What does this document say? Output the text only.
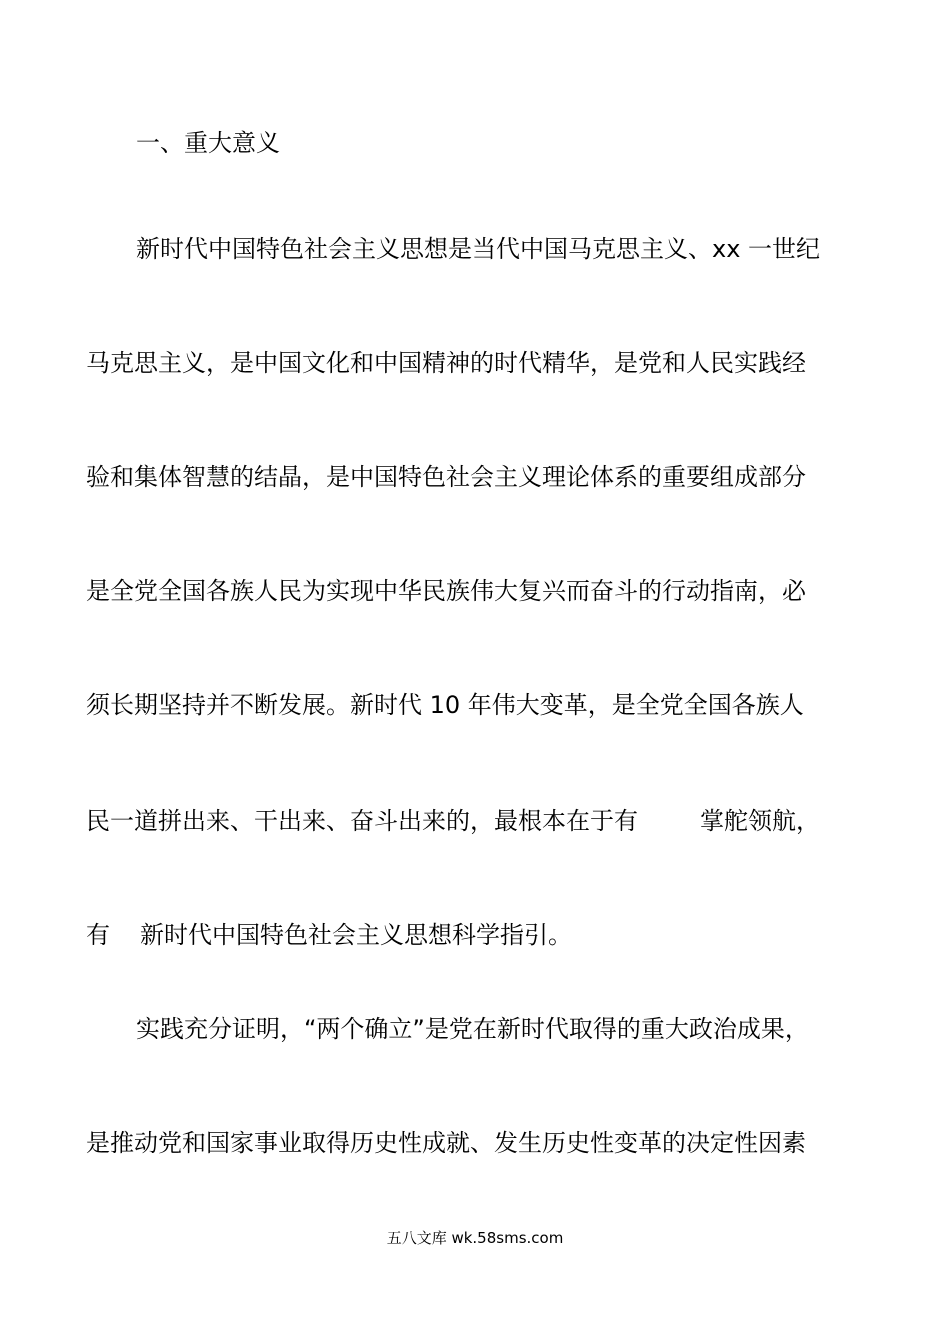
一、重大意义
新时代中国特色社会主义思想是当代中国马克思主义、xx 一世纪
马克思主义，是中国文化和中国精神的时代精华，是党和人民实践经
验和集体智慧的结晶，是中国特色社会主义理论体系的重要组成部分
是全党全国各族人民为实现中华民族伟大复兴而奋斗的行动指南，必
须长期坚持并不断发展。新时代 10 年伟大变革，是全党全国各族人
民一道拼出来、干出来、奋斗出来的，最根本在于有	掌舵领航，
有 新时代中国特色社会主义思想科学指引。
实践充分证明，“两个确立”是党在新时代取得的重大政治成果，
是推动党和国家事业取得历史性成就、发生历史性变革的决定性因素
五八文库 wk.58sms.com
